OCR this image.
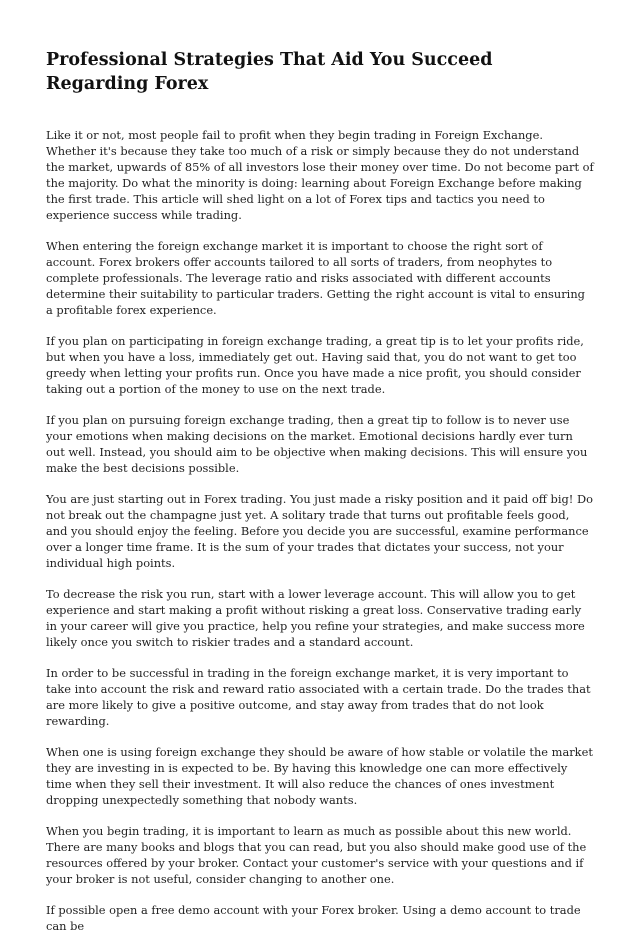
Professional Strategies That Aid You Succeed Regarding Forex

Like it or not, most people fail to profit when they begin trading in Foreign Exchange. Whether it's because they take too much of a risk or simply because they do not understand the market, upwards of 85% of all investors lose their money over time. Do not become part of the majority. Do what the minority is doing: learning about Foreign Exchange before making the first trade. This article will shed light on a lot of Forex tips and tactics you need to experience success while trading.

When entering the foreign exchange market it is important to choose the right sort of account. Forex brokers offer accounts tailored to all sorts of traders, from neophytes to complete professionals. The leverage ratio and risks associated with different accounts determine their suitability to particular traders. Getting the right account is vital to ensuring a profitable forex experience.

If you plan on participating in foreign exchange trading, a great tip is to let your profits ride, but when you have a loss, immediately get out. Having said that, you do not want to get too greedy when letting your profits run. Once you have made a nice profit, you should consider taking out a portion of the money to use on the next trade.

If you plan on pursuing foreign exchange trading, then a great tip to follow is to never use your emotions when making decisions on the market. Emotional decisions hardly ever turn out well. Instead, you should aim to be objective when making decisions. This will ensure you make the best decisions possible.

You are just starting out in Forex trading. You just made a risky position and it paid off big! Do not break out the champagne just yet. A solitary trade that turns out profitable feels good, and you should enjoy the feeling. Before you decide you are successful, examine performance over a longer time frame. It is the sum of your trades that dictates your success, not your individual high points.

To decrease the risk you run, start with a lower leverage account. This will allow you to get experience and start making a profit without risking a great loss. Conservative trading early in your career will give you practice, help you refine your strategies, and make success more likely once you switch to riskier trades and a standard account.

In order to be successful in trading in the foreign exchange market, it is very important to take into account the risk and reward ratio associated with a certain trade. Do the trades that are more likely to give a positive outcome, and stay away from trades that do not look rewarding.

When one is using foreign exchange they should be aware of how stable or volatile the market they are investing in is expected to be. By having this knowledge one can more effectively time when they sell their investment. It will also reduce the chances of ones investment dropping unexpectedly something that nobody wants.

When you begin trading, it is important to learn as much as possible about this new world. There are many books and blogs that you can read, but you also should make good use of the resources offered by your broker. Contact your customer's service with your questions and if your broker is not useful, consider changing to another one.

If possible open a free demo account with your Forex broker. Using a demo account to trade can be
